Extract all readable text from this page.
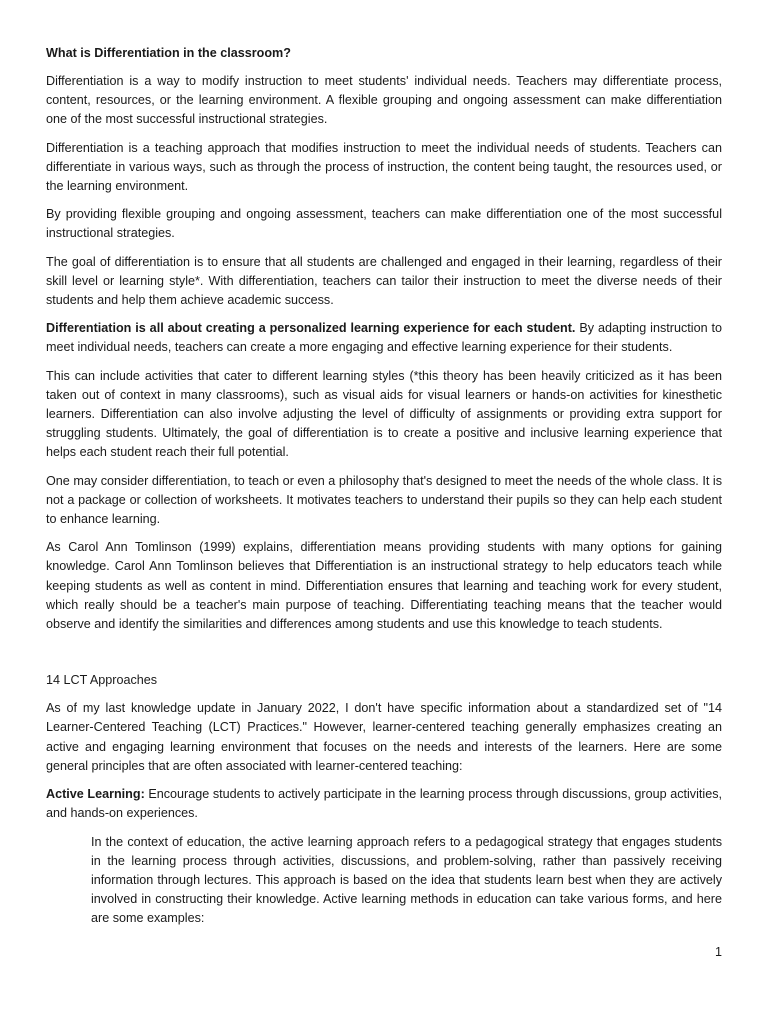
What is Differentiation in the classroom?

Differentiation is a way to modify instruction to meet students' individual needs. Teachers may differentiate process, content, resources, or the learning environment. A flexible grouping and ongoing assessment can make differentiation one of the most successful instructional strategies.

Differentiation is a teaching approach that modifies instruction to meet the individual needs of students. Teachers can differentiate in various ways, such as through the process of instruction, the content being taught, the resources used, or the learning environment.

By providing flexible grouping and ongoing assessment, teachers can make differentiation one of the most successful instructional strategies.

The goal of differentiation is to ensure that all students are challenged and engaged in their learning, regardless of their skill level or learning style*. With differentiation, teachers can tailor their instruction to meet the diverse needs of their students and help them achieve academic success.

Differentiation is all about creating a personalized learning experience for each student. By adapting instruction to meet individual needs, teachers can create a more engaging and effective learning experience for their students.

This can include activities that cater to different learning styles (*this theory has been heavily criticized as it has been taken out of context in many classrooms), such as visual aids for visual learners or hands-on activities for kinesthetic learners. Differentiation can also involve adjusting the level of difficulty of assignments or providing extra support for struggling students. Ultimately, the goal of differentiation is to create a positive and inclusive learning experience that helps each student reach their full potential.

One may consider differentiation, to teach or even a philosophy that's designed to meet the needs of the whole class. It is not a package or collection of worksheets. It motivates teachers to understand their pupils so they can help each student to enhance learning.

As Carol Ann Tomlinson (1999) explains, differentiation means providing students with many options for gaining knowledge. Carol Ann Tomlinson believes that Differentiation is an instructional strategy to help educators teach while keeping students as well as content in mind. Differentiation ensures that learning and teaching work for every student, which really should be a teacher's main purpose of teaching. Differentiating teaching means that the teacher would observe and identify the similarities and differences among students and use this knowledge to teach students.

14 LCT Approaches

As of my last knowledge update in January 2022, I don't have specific information about a standardized set of "14 Learner-Centered Teaching (LCT) Practices." However, learner-centered teaching generally emphasizes creating an active and engaging learning environment that focuses on the needs and interests of the learners. Here are some general principles that are often associated with learner-centered teaching:

Active Learning: Encourage students to actively participate in the learning process through discussions, group activities, and hands-on experiences.

In the context of education, the active learning approach refers to a pedagogical strategy that engages students in the learning process through activities, discussions, and problem-solving, rather than passively receiving information through lectures. This approach is based on the idea that students learn best when they are actively involved in constructing their knowledge. Active learning methods in education can take various forms, and here are some examples:

1
